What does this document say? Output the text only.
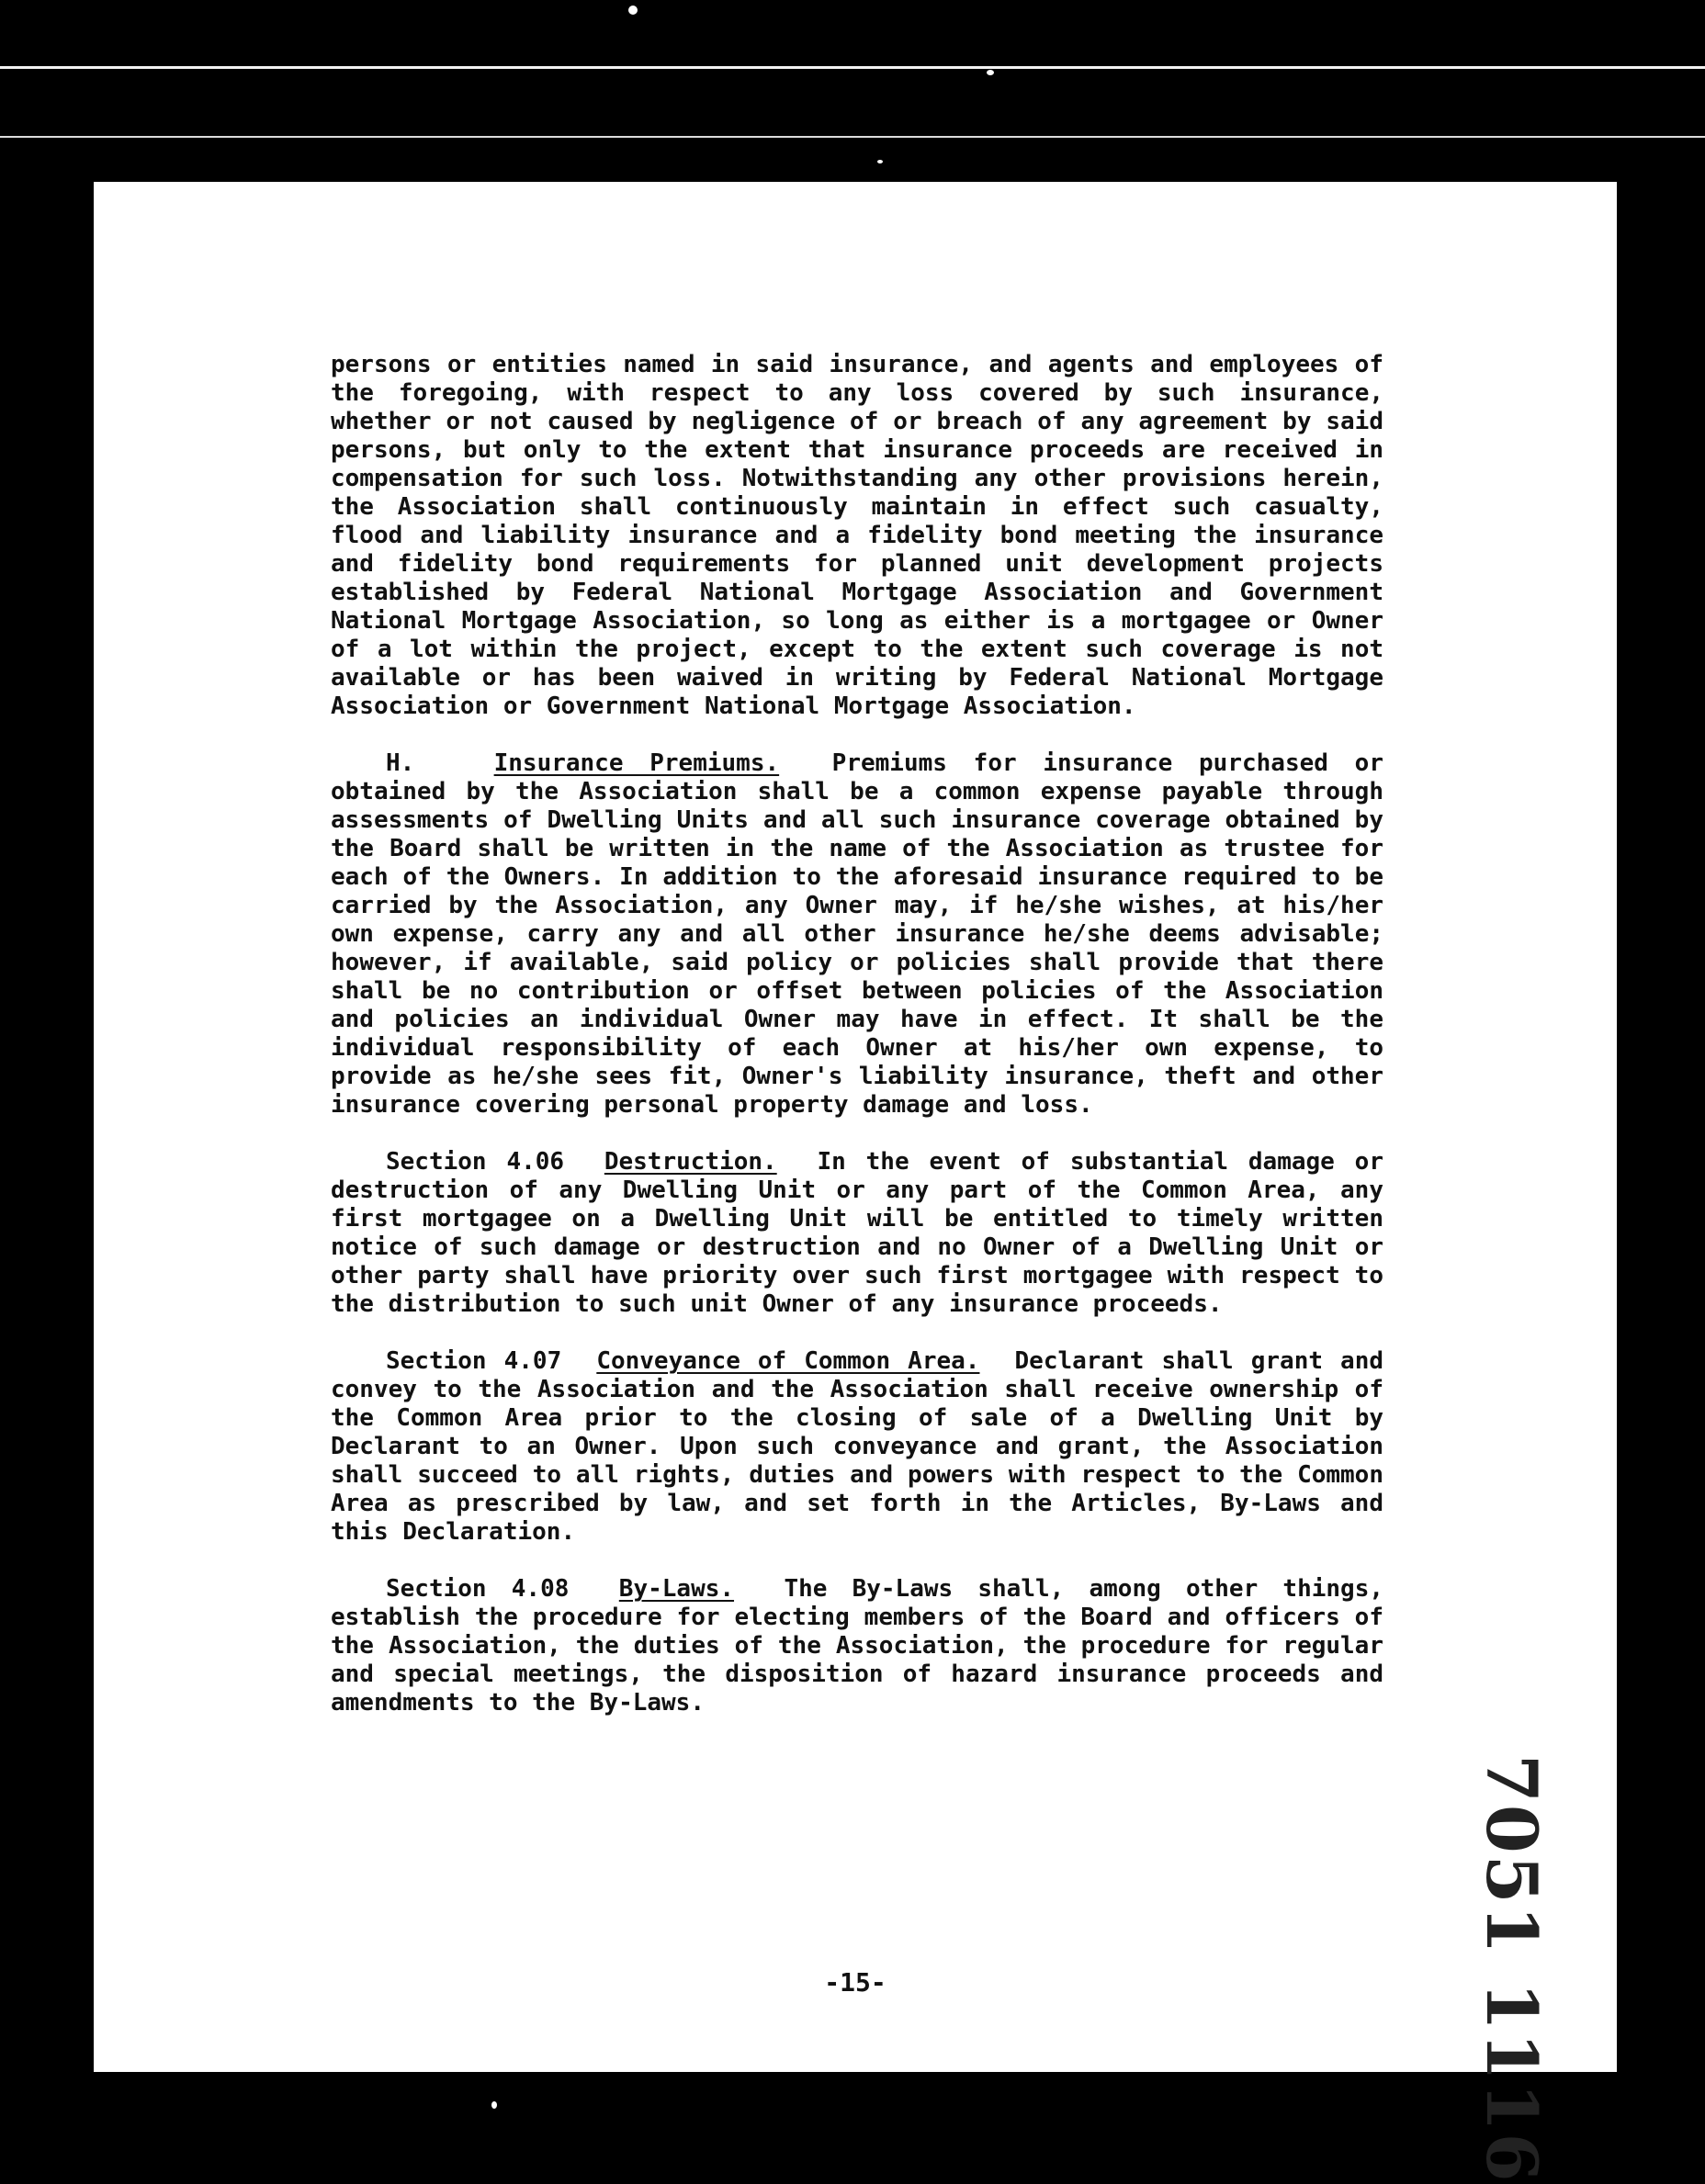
persons or entities named in said insurance, and agents and employees of the foregoing, with respect to any loss covered by such insurance, whether or not caused by negligence of or breach of any agreement by said persons, but only to the extent that insurance proceeds are received in compensation for such loss. Notwithstanding any other provisions herein, the Association shall continuously maintain in effect such casualty, flood and liability insurance and a fidelity bond meeting the insurance and fidelity bond requirements for planned unit development projects established by Federal National Mortgage Association and Government National Mortgage Association, so long as either is a mortgagee or Owner of a lot within the project, except to the extent such coverage is not available or has been waived in writing by Federal National Mortgage Association or Government National Mortgage Association.

H.	Insurance Premiums. Premiums for insurance purchased or obtained by the Association shall be a common expense payable through assessments of Dwelling Units and all such insurance coverage obtained by the Board shall be written in the name of the Association as trustee for each of the Owners. In addition to the aforesaid insurance required to be carried by the Association, any Owner may, if he/she wishes, at his/her own expense, carry any and all other insurance he/she deems advisable; however, if available, said policy or policies shall provide that there shall be no contribution or offset between policies of the Association and policies an individual Owner may have in effect. It shall be the individual responsibility of each Owner at his/her own expense, to provide as he/she sees fit, Owner's liability insurance, theft and other insurance covering personal property damage and loss.

Section 4.06 Destruction. In the event of substantial damage or destruction of any Dwelling Unit or any part of the Common Area, any first mortgagee on a Dwelling Unit will be entitled to timely written notice of such damage or destruction and no Owner of a Dwelling Unit or other party shall have priority over such first mortgagee with respect to the distribution to such unit Owner of any insurance proceeds.

Section 4.07 Conveyance of Common Area. Declarant shall grant and convey to the Association and the Association shall receive ownership of the Common Area prior to the closing of sale of a Dwelling Unit by Declarant to an Owner. Upon such conveyance and grant, the Association shall succeed to all rights, duties and powers with respect to the Common Area as prescribed by law, and set forth in the Articles, By-Laws and this Declaration.

Section 4.08 By-Laws. The By-Laws shall, among other things, establish the procedure for electing members of the Board and officers of the Association, the duties of the Association, the procedure for regular and special meetings, the disposition of hazard insurance proceeds and amendments to the By-Laws.

-15-	7051 1116
